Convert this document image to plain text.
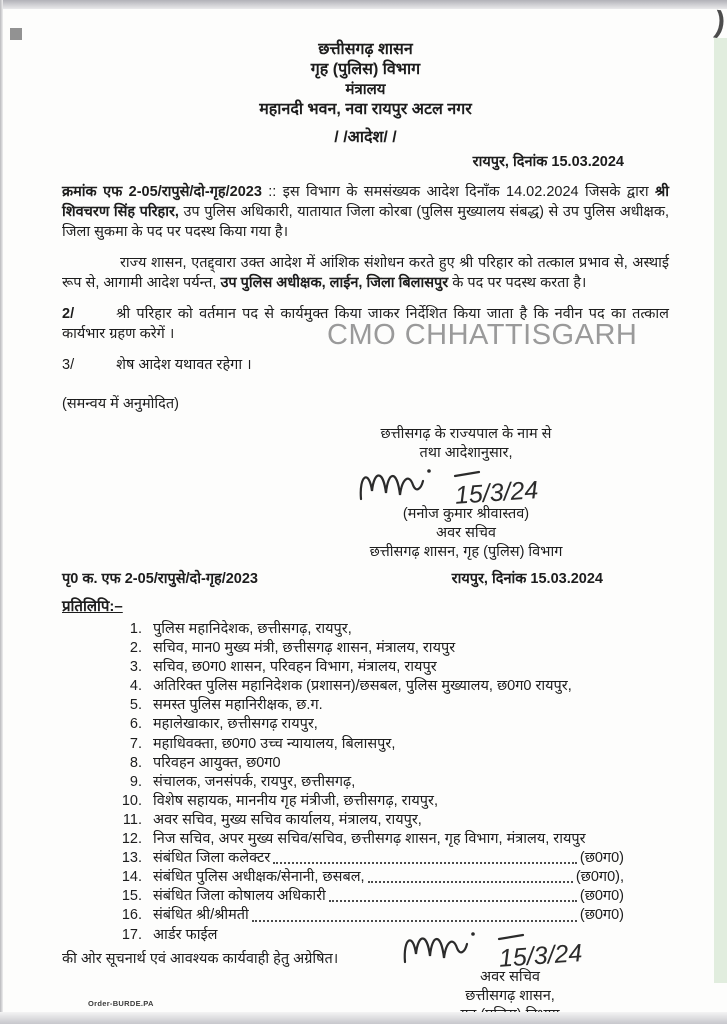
)
CMO CHHATTISGARH
छत्तीसगढ़ शासन
गृह (पुलिस) विभाग
मंत्रालय
महानदी भवन, नवा रायपुर अटल नगर
/ /आदेश/ /
रायपुर, दिनांक 15.03.2024

क्रमांक एफ 2-05/रापुसे/दो-गृह/2023 :: इस विभाग के समसंख्यक आदेश दिनाँक 14.02.2024 जिसके द्वारा श्री शिवचरण सिंह परिहार, उप पुलिस अधिकारी, यातायात जिला कोरबा (पुलिस मुख्यालय संबद्ध) से उप पुलिस अधीक्षक, जिला सुकमा के पद पर पदस्थ किया गया है।

राज्य शासन, एतद्द्वारा उक्त आदेश में आंशिक संशोधन करते हुए श्री परिहार को तत्काल प्रभाव से, अस्थाई रूप से, आगामी आदेश पर्यन्त, उप पुलिस अधीक्षक, लाईन, जिला बिलासपुर के पद पर पदस्थ करता है।

2/	श्री परिहार को वर्तमान पद से कार्यमुक्त किया जाकर निर्देशित किया जाता है कि नवीन पद का तत्काल कार्यभार ग्रहण करेगें ।

3/	शेष आदेश यथावत रहेगा ।

(समन्वय में अनुमोदित)
छत्तीसगढ़ के राज्यपाल के नाम से
तथा आदेशानुसार,
15/3/24
(मनोज कुमार श्रीवास्तव)
अवर सचिव
छत्तीसगढ़ शासन, गृह (पुलिस) विभाग
पृ0 क. एफ 2-05/रापुसे/दो-गृह/2023	रायपुर, दिनांक 15.03.2024
प्रतिलिपि:–
1. पुलिस महानिदेशक, छत्तीसगढ़, रायपुर,
2. सचिव, मान0 मुख्य मंत्री, छत्तीसगढ़ शासन, मंत्रालय, रायपुर
3. सचिव, छ0ग0 शासन, परिवहन विभाग, मंत्रालय, रायपुर
4. अतिरिक्त पुलिस महानिदेशक (प्रशासन)/छसबल, पुलिस मुख्यालय, छ0ग0 रायपुर,
5. समस्त पुलिस महानिरीक्षक, छ.ग.
6. महालेखाकार, छत्तीसगढ़ रायपुर,
7. महाधिवक्ता, छ0ग0 उच्च न्यायालय, बिलासपुर,
8. परिवहन आयुक्त, छ0ग0
9. संचालक, जनसंपर्क, रायपुर, छत्तीसगढ़,
10. विशेष सहायक, माननीय गृह मंत्रीजी, छत्तीसगढ़, रायपुर,
11. अवर सचिव, मुख्य सचिव कार्यालय, मंत्रालय, रायपुर,
12. निज सचिव, अपर मुख्य सचिव/सचिव, छत्तीसगढ़ शासन, गृह विभाग, मंत्रालय, रायपुर
13. संबंधित जिला कलेक्टर	(छ0ग0)
14. संबंधित पुलिस अधीक्षक/सेनानी, छसबल,	(छ0ग0),
15. संबंधित जिला कोषालय अधिकारी	(छ0ग0)
16. संबंधित श्री/श्रीमती	(छ0ग0)
17. आर्डर फाईल
की ओर सूचनार्थ एवं आवश्यक कार्यवाही हेतु अग्रेषित।	15/3/24
अवर सचिव
छत्तीसगढ़ शासन,
Order-BURDE.PA
